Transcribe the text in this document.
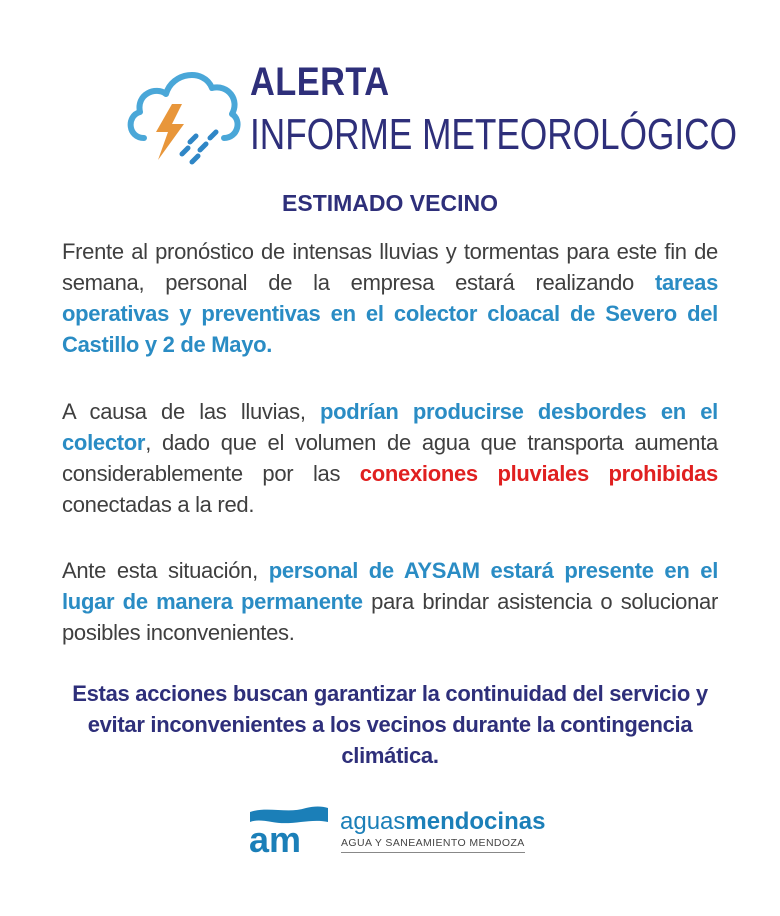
ALERTA
INFORME METEOROLÓGICO
ESTIMADO VECINO
Frente al pronóstico de intensas lluvias y tormentas para este fin de semana, personal de la empresa estará realizando tareas operativas y preventivas en el colector cloacal de Severo del Castillo y 2 de Mayo.
A causa de las lluvias, podrían producirse desbordes en el colector, dado que el volumen de agua que transporta aumenta considerablemente por las conexiones pluviales prohibidas conectadas a la red.
Ante esta situación, personal de AYSAM estará presente en el lugar de manera permanente para brindar asistencia o solucionar posibles inconvenientes.
Estas acciones buscan garantizar la continuidad del servicio y evitar inconvenientes a los vecinos durante la contingencia climática.
am aguasmendocinas
AGUA Y SANEAMIENTO MENDOZA
